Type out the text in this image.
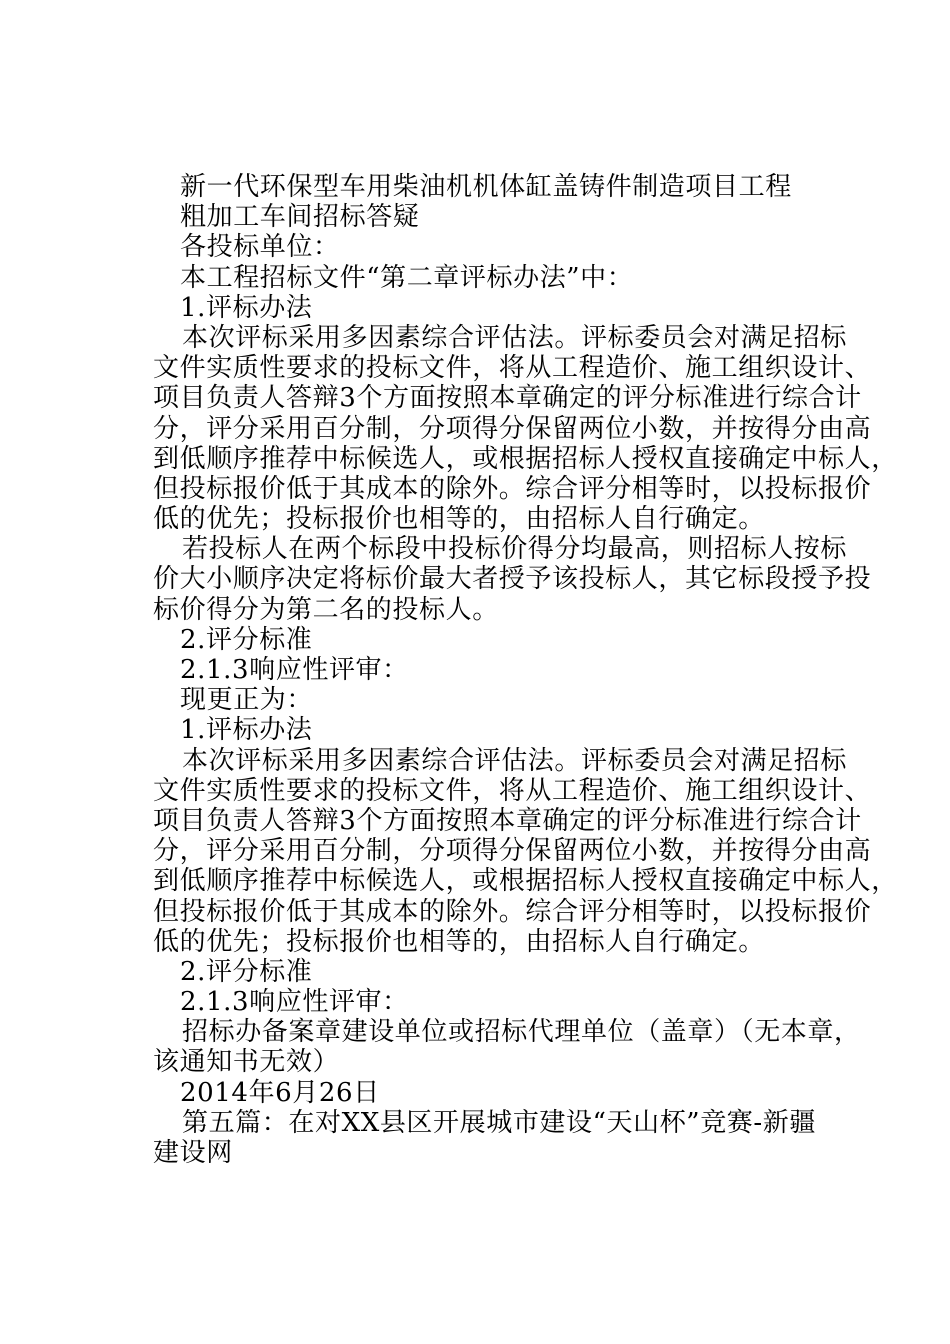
新一代环保型车用柴油机机体缸盖铸件制造项目工程
粗加工车间招标答疑
各投标单位：
本工程招标文件“第二章评标办法”中：
1.评标办法
本次评标采用多因素综合评估法。评标委员会对满足招标
文件实质性要求的投标文件，将从工程造价、施工组织设计、
项目负责人答辩3个方面按照本章确定的评分标准进行综合计
分，评分采用百分制，分项得分保留两位小数，并按得分由高
到低顺序推荐中标候选人，或根据招标人授权直接确定中标人，
但投标报价低于其成本的除外。综合评分相等时，以投标报价
低的优先；投标报价也相等的，由招标人自行确定。
若投标人在两个标段中投标价得分均最高，则招标人按标
价大小顺序决定将标价最大者授予该投标人，其它标段授予投
标价得分为第二名的投标人。
2.评分标准
2.1.3响应性评审：
现更正为：
1.评标办法
本次评标采用多因素综合评估法。评标委员会对满足招标
文件实质性要求的投标文件，将从工程造价、施工组织设计、
项目负责人答辩3个方面按照本章确定的评分标准进行综合计
分，评分采用百分制，分项得分保留两位小数，并按得分由高
到低顺序推荐中标候选人，或根据招标人授权直接确定中标人，
但投标报价低于其成本的除外。综合评分相等时，以投标报价
低的优先；投标报价也相等的，由招标人自行确定。
2.评分标准
2.1.3响应性评审：
招标办备案章建设单位或招标代理单位（盖章）（无本章，
该通知书无效）
2014年6月26日
第五篇：在对XX县区开展城市建设“天山杯”竞赛-新疆
建设网
